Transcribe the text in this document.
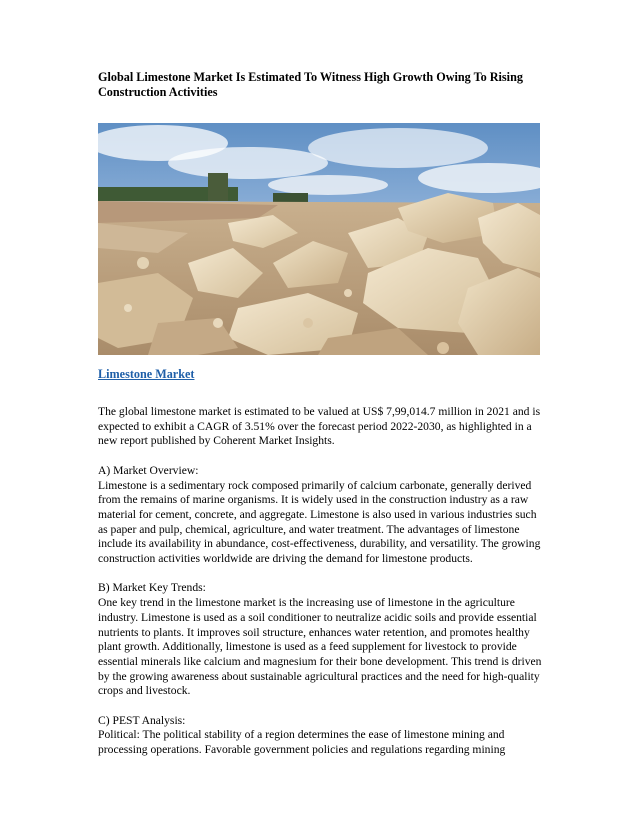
Global Limestone Market Is Estimated To Witness High Growth Owing To Rising
Construction Activities

Limestone Market

The global limestone market is estimated to be valued at US$ 7,99,014.7 million in 2021 and is expected to exhibit a CAGR of 3.51% over the forecast period 2022-2030, as highlighted in a new report published by Coherent Market Insights.

A) Market Overview:
Limestone is a sedimentary rock composed primarily of calcium carbonate, generally derived from the remains of marine organisms. It is widely used in the construction industry as a raw material for cement, concrete, and aggregate. Limestone is also used in various industries such as paper and pulp, chemical, agriculture, and water treatment. The advantages of limestone include its availability in abundance, cost-effectiveness, durability, and versatility. The growing construction activities worldwide are driving the demand for limestone products.

B) Market Key Trends:
One key trend in the limestone market is the increasing use of limestone in the agriculture industry. Limestone is used as a soil conditioner to neutralize acidic soils and provide essential nutrients to plants. It improves soil structure, enhances water retention, and promotes healthy plant growth. Additionally, limestone is used as a feed supplement for livestock to provide essential minerals like calcium and magnesium for their bone development. This trend is driven by the growing awareness about sustainable agricultural practices and the need for high-quality crops and livestock.

C) PEST Analysis:
Political: The political stability of a region determines the ease of limestone mining and processing operations. Favorable government policies and regulations regarding mining
